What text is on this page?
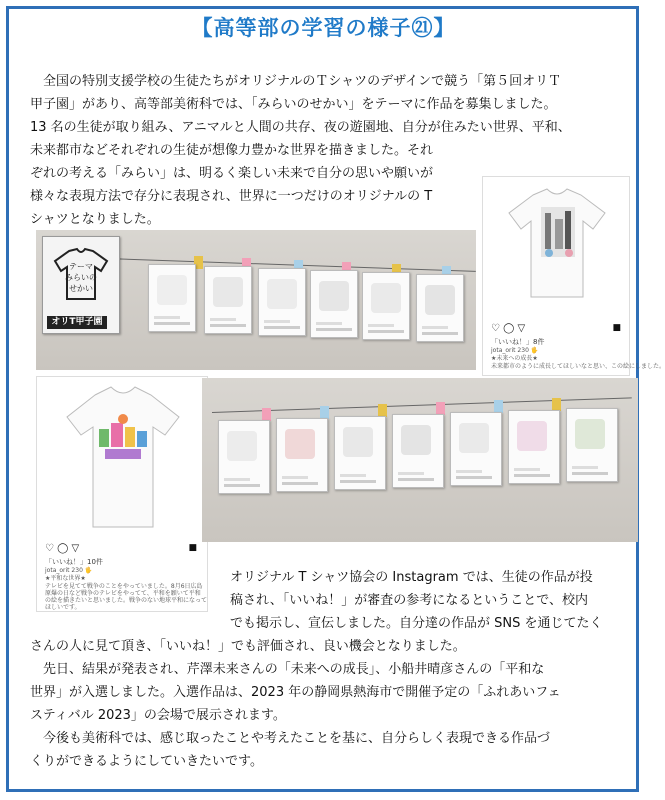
【高等部の学習の様子㉑】
　全国の特別支援学校の生徒たちがオリジナルのＴシャツのデザインで競う「第５回オリＴ
甲子園」があり、高等部美術科では、「みらいのせかい」をテーマに作品を募集しました。
13 名の生徒が取り組み、アニマルと人間の共存、夜の遊園地、自分が住みたい世界、平和、
未来都市などそれぞれの生徒が想像力豊かな世界を描きました。それ
ぞれの考える「みらい」は、明るく楽しい未来で自分の思いや願いが
様々な表現方法で存分に表現され、世界に一つだけのオリジナルの T
シャツとなりました。
♡ ◯ ▽	■
「いいね！」8件
jota_orit 230 🖐
★未来への成長★
未来都市のように成長してほしいなと思い、この絵にしました。
テーマ
みらいの
せかい
オリT甲子園
♡ ◯ ▽	■
「いいね！」10件
jota_orit 230 🖐
★平和な世界★
テレビを見てて戦争のことをやっていました。8月6日広島
原爆の日など戦争のテレビをやってて、平和を願いて平和
の絵を描きたいと思いました。戦争のない地球平和になって
ほしいです。
オリジナル T シャツ協会の Instagram では、生徒の作品が投
稿され、「いいね！」が審査の参考になるということで、校内
でも掲示し、宣伝しました。自分達の作品が SNS を通じてたく
さんの人に見て頂き、「いいね！」でも評価され、良い機会となりました。
　先日、結果が発表され、芹澤未来さんの「未来への成長」、小船井晴彦さんの「平和な
世界」が入選しました。入選作品は、2023 年の静岡県熱海市で開催予定の「ふれあいフェ
スティバル 2023」の会場で展示されます。
　今後も美術科では、感じ取ったことや考えたことを基に、自分らしく表現できる作品づ
くりができるようにしていきたいです。
